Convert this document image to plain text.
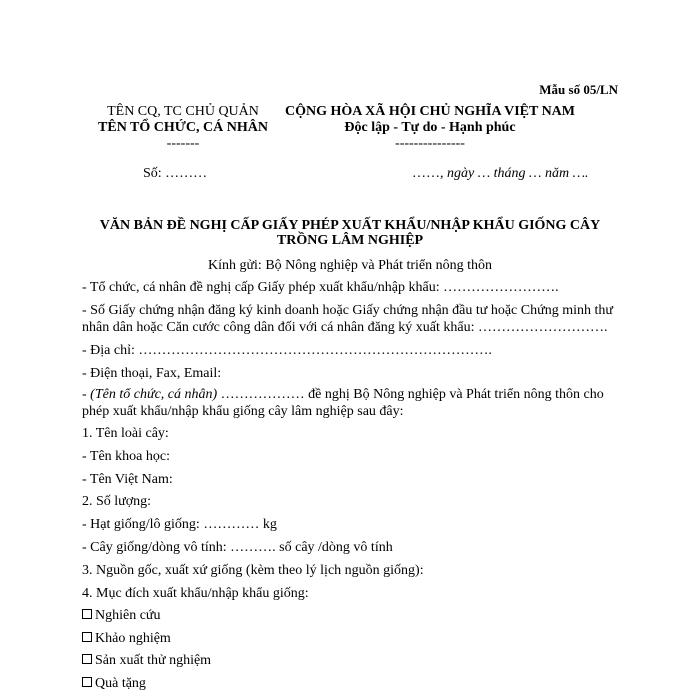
Mẫu số 05/LN
TÊN CQ, TC CHỦ QUẢN
TÊN TỔ CHỨC, CÁ NHÂN
-------
CỘNG HÒA XÃ HỘI CHỦ NGHĨA VIỆT NAM
Độc lập - Tự do - Hạnh phúc
---------------
Số: ………	……, ngày … tháng … năm ….
VĂN BẢN ĐỀ NGHỊ CẤP GIẤY PHÉP XUẤT KHẨU/NHẬP KHẨU GIỐNG CÂY TRỒNG LÂM NGHIỆP
Kính gửi: Bộ Nông nghiệp và Phát triển nông thôn
- Tổ chức, cá nhân đề nghị cấp Giấy phép xuất khẩu/nhập khẩu: …………………….
- Số Giấy chứng nhận đăng ký kinh doanh hoặc Giấy chứng nhận đầu tư hoặc Chứng minh thư nhân dân hoặc Căn cước công dân đối với cá nhân đăng ký xuất khẩu: ……………………….
- Địa chỉ: ………………………………………………………………….
- Điện thoại, Fax, Email:
- (Tên tổ chức, cá nhân) ……………… đề nghị Bộ Nông nghiệp và Phát triển nông thôn cho phép xuất khẩu/nhập khẩu giống cây lâm nghiệp sau đây:
1. Tên loài cây:
- Tên khoa học:
- Tên Việt Nam:
2. Số lượng:
- Hạt giống/lô giống: ………… kg
- Cây giống/dòng vô tính: ………. số cây /dòng vô tính
3. Nguồn gốc, xuất xứ giống (kèm theo lý lịch nguồn giống):
4. Mục đích xuất khẩu/nhập khẩu giống:
Nghiên cứu
Khảo nghiệm
Sản xuất thử nghiệm
Quà tặng
